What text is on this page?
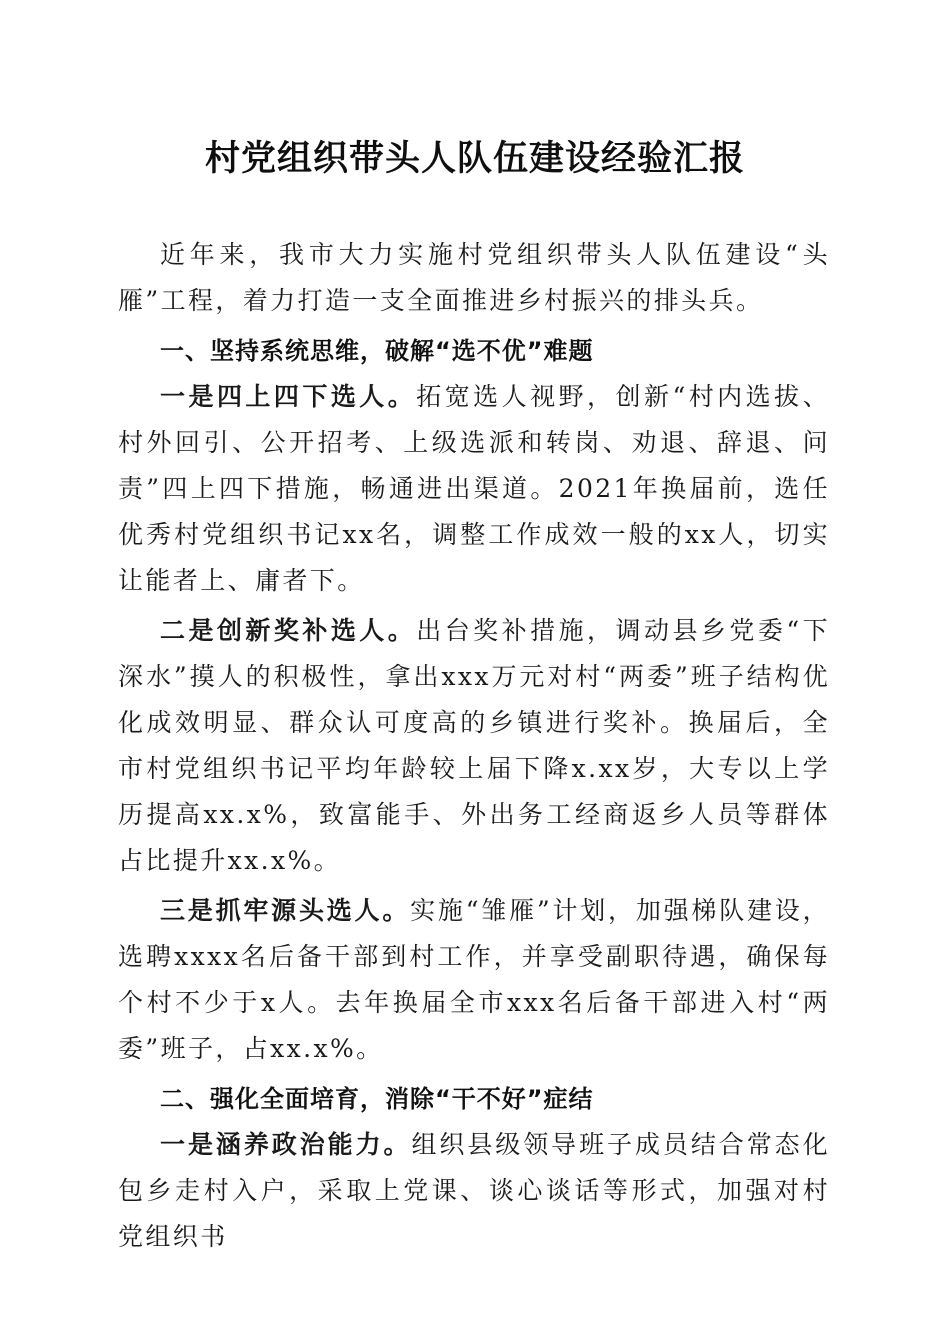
村党组织带头人队伍建设经验汇报

近年来，我市大力实施村党组织带头人队伍建设“头雁”工程，着力打造一支全面推进乡村振兴的排头兵。

一、坚持系统思维，破解“选不优”难题

一是四上四下选人。拓宽选人视野，创新“村内选拔、村外回引、公开招考、上级选派和转岗、劝退、辞退、问责”四上四下措施，畅通进出渠道。2021年换届前，选任优秀村党组织书记xx名，调整工作成效一般的xx人，切实让能者上、庸者下。

二是创新奖补选人。出台奖补措施，调动县乡党委“下深水”摸人的积极性，拿出xxx万元对村“两委”班子结构优化成效明显、群众认可度高的乡镇进行奖补。换届后，全市村党组织书记平均年龄较上届下降x.xx岁，大专以上学历提高xx.x%，致富能手、外出务工经商返乡人员等群体占比提升xx.x%。

三是抓牢源头选人。实施“雏雁”计划，加强梯队建设，选聘xxxx名后备干部到村工作，并享受副职待遇，确保每个村不少于x人。去年换届全市xxx名后备干部进入村“两委”班子，占xx.x%。

二、强化全面培育，消除“干不好”症结

一是涵养政治能力。组织县级领导班子成员结合常态化包乡走村入户，采取上党课、谈心谈话等形式，加强对村党组织书
